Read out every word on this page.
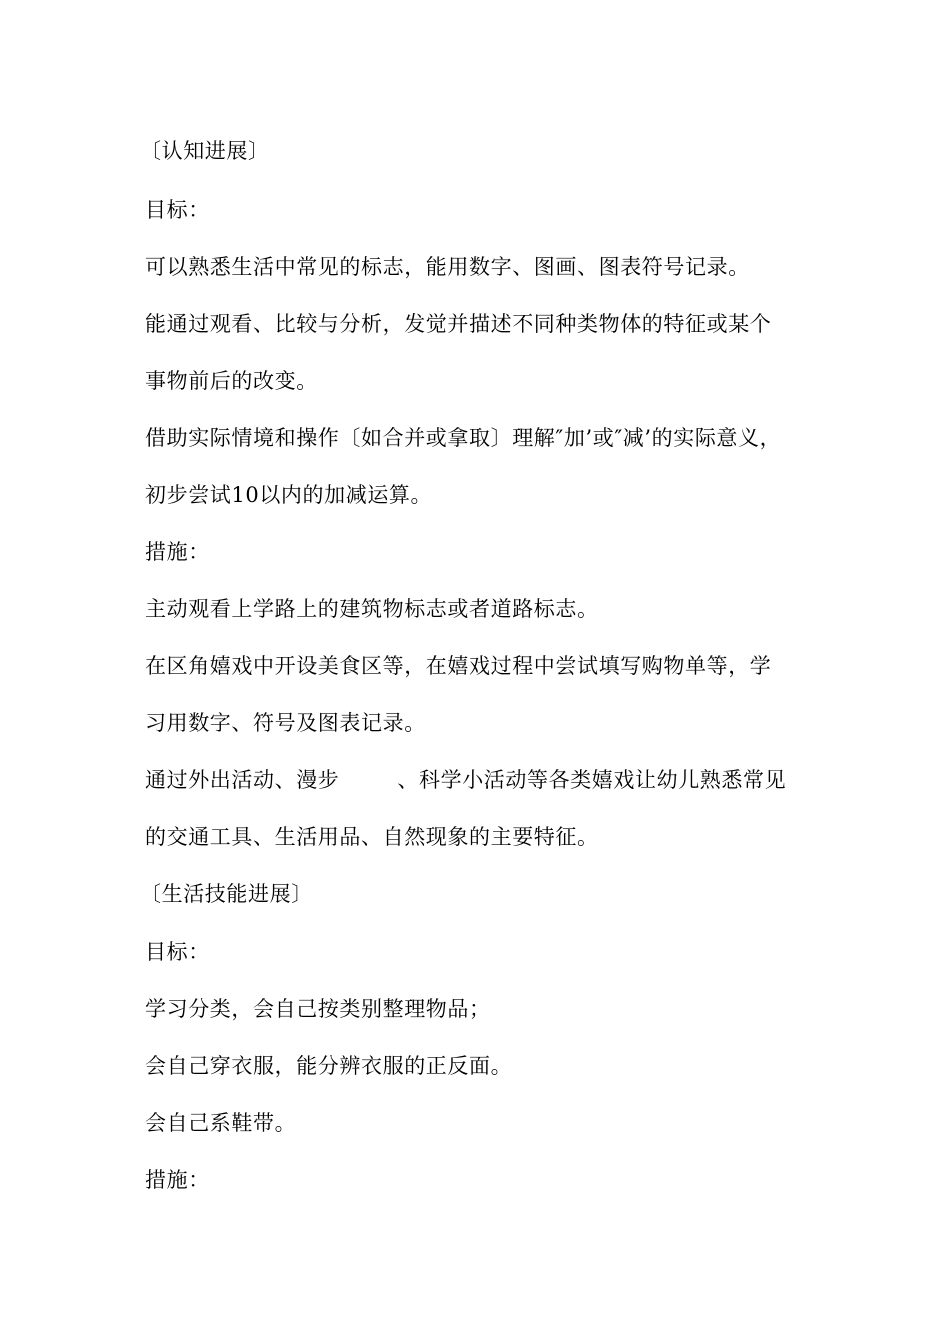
〔认知进展〕
目标：
可以熟悉生活中常见的标志，能用数字、图画、图表符号记录。
能通过观看、比较与分析，发觉并描述不同种类物体的特征或某个
事物前后的改变。
借助实际情境和操作〔如合并或拿取〕理解″加’或″减’的实际意义，
初步尝试10以内的加减运算。
措施：
主动观看上学路上的建筑物标志或者道路标志。
在区角嬉戏中开设美食区等，在嬉戏过程中尝试填写购物单等，学
习用数字、符号及图表记录。
通过外出活动、漫步	、科学小活动等各类嬉戏让幼儿熟悉常见
的交通工具、生活用品、自然现象的主要特征。
〔生活技能进展〕
目标：
学习分类，会自己按类别整理物品；
会自己穿衣服，能分辨衣服的正反面。
会自己系鞋带。
措施：
